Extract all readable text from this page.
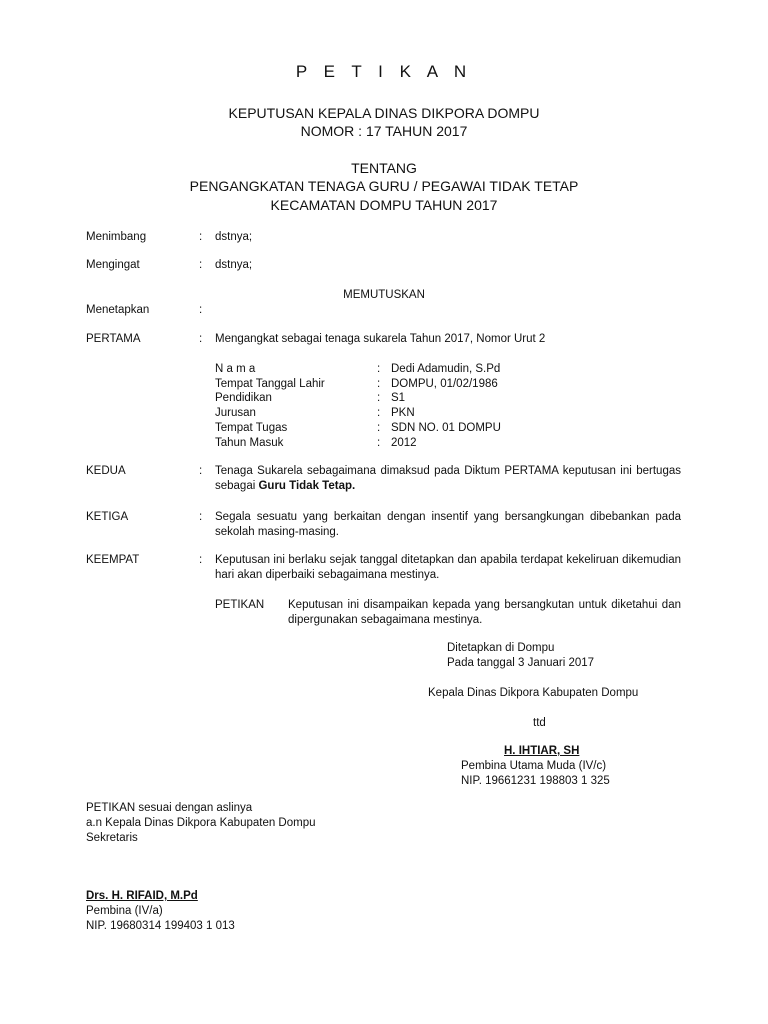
P E T I K A N
KEPUTUSAN KEPALA DINAS DIKPORA DOMPU
NOMOR : 17 TAHUN 2017
TENTANG
PENGANGKATAN TENAGA GURU / PEGAWAI TIDAK TETAP
KECAMATAN DOMPU TAHUN 2017
Menimbang	: dstnya;
Mengingat	: dstnya;
MEMUTUSKAN
Menetapkan	:
PERTAMA	: Mengangkat sebagai tenaga sukarela Tahun 2017, Nomor Urut 2
N a m a	: Dedi Adamudin, S.Pd
Tempat Tanggal Lahir	: DOMPU, 01/02/1986
Pendidikan	: S1
Jurusan	: PKN
Tempat Tugas	: SDN NO. 01 DOMPU
Tahun Masuk	: 2012
KEDUA	: Tenaga Sukarela sebagaimana dimaksud pada Diktum PERTAMA keputusan ini bertugas sebagai Guru Tidak Tetap.
KETIGA	: Segala sesuatu yang berkaitan dengan insentif yang bersangkungan dibebankan pada sekolah masing-masing.
KEEMPAT	: Keputusan ini berlaku sejak tanggal ditetapkan dan apabila terdapat kekeliruan dikemudian hari akan diperbaiki sebagaimana mestinya.
PETIKAN Keputusan ini disampaikan kepada yang bersangkutan untuk diketahui dan dipergunakan sebagaimana mestinya.
Ditetapkan di Dompu
Pada tanggal 3 Januari 2017
Kepala Dinas Dikpora Kabupaten Dompu
ttd
H. IHTIAR, SH
Pembina Utama Muda (IV/c)
NIP. 19661231 198803 1 325
PETIKAN sesuai dengan aslinya
a.n Kepala Dinas Dikpora Kabupaten Dompu
Sekretaris
Drs. H. RIFAID, M.Pd
Pembina (IV/a)
NIP. 19680314 199403 1 013
